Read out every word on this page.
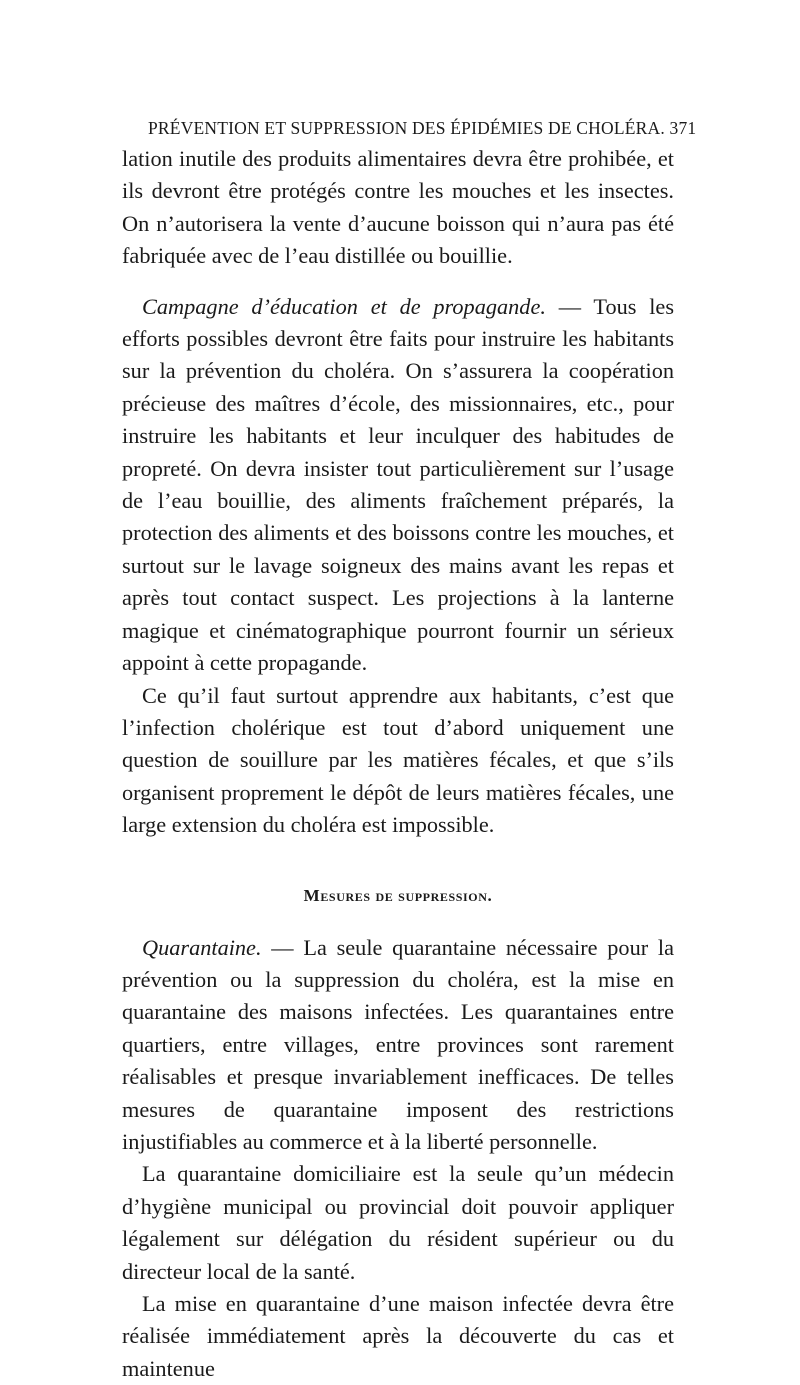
PRÉVENTION ET SUPPRESSION DES ÉPIDÉMIES DE CHOLÉRA. 371

lation inutile des produits alimentaires devra être prohibée, et ils devront être protégés contre les mouches et les insectes. On n’autorisera la vente d’aucune boisson qui n’aura pas été fabriquée avec de l’eau distillée ou bouillie.

Campagne d’éducation et de propagande. — Tous les efforts possibles devront être faits pour instruire les habitants sur la prévention du choléra. On s’assurera la coopération précieuse des maîtres d’école, des missionnaires, etc., pour instruire les habitants et leur inculquer des habitudes de propreté. On devra insister tout particulièrement sur l’usage de l’eau bouillie, des aliments fraîchement préparés, la protection des aliments et des boissons contre les mouches, et surtout sur le lavage soigneux des mains avant les repas et après tout contact suspect. Les projections à la lanterne magique et cinématographique pourront fournir un sérieux appoint à cette propagande.

Ce qu’il faut surtout apprendre aux habitants, c’est que l’infection cholérique est tout d’abord uniquement une question de souillure par les matières fécales, et que s’ils organisent proprement le dépôt de leurs matières fécales, une large extension du choléra est impossible.

Mesures de suppression.

Quarantaine. — La seule quarantaine nécessaire pour la prévention ou la suppression du choléra, est la mise en quarantaine des maisons infectées. Les quarantaines entre quartiers, entre villages, entre provinces sont rarement réalisables et presque invariablement inefficaces. De telles mesures de quarantaine imposent des restrictions injustifiables au commerce et à la liberté personnelle.

La quarantaine domiciliaire est la seule qu’un médecin d’hygiène municipal ou provincial doit pouvoir appliquer légalement sur délégation du résident supérieur ou du directeur local de la santé.

La mise en quarantaine d’une maison infectée devra être réalisée immédiatement après la découverte du cas et maintenue
